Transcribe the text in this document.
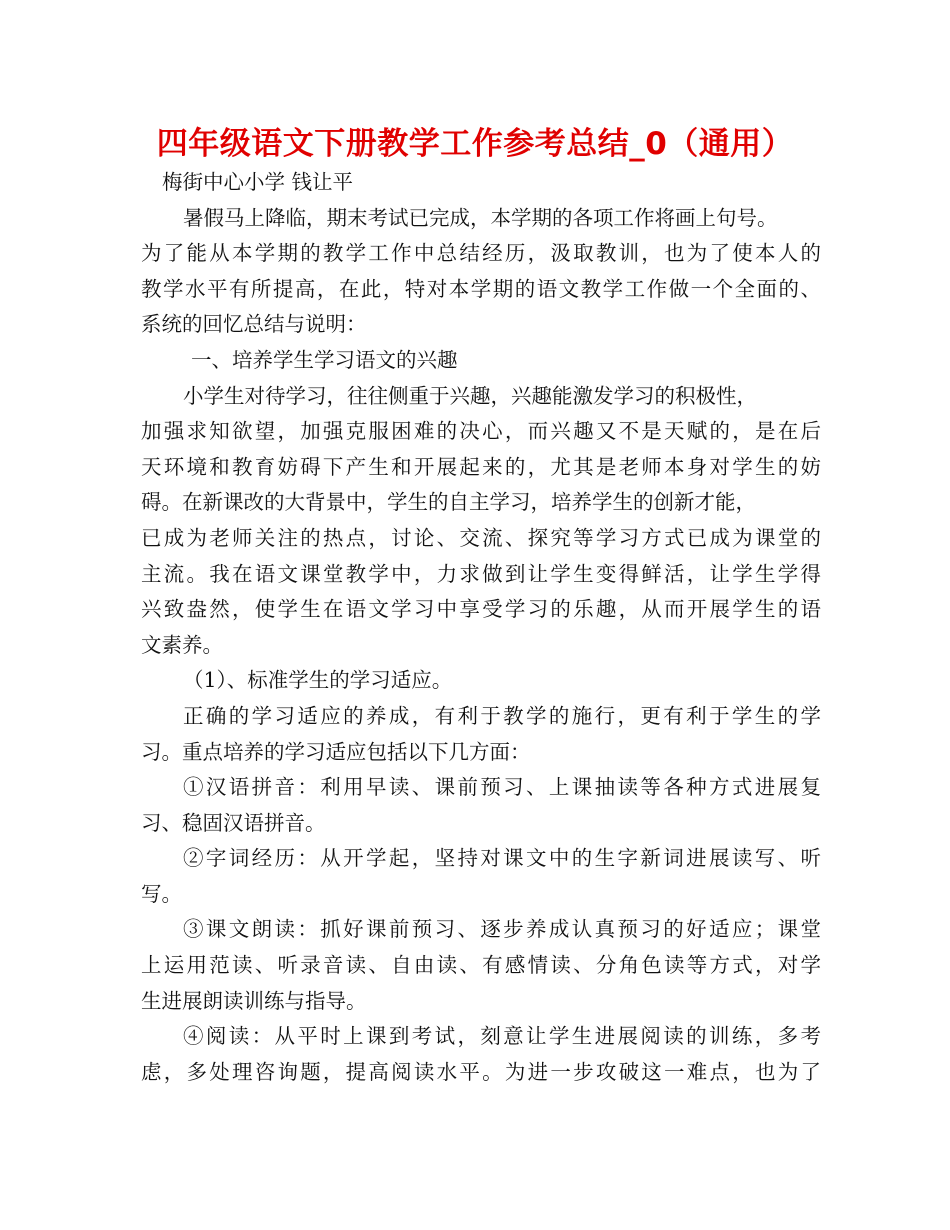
四年级语文下册教学工作参考总结_0（通用）
梅街中心小学 钱让平
暑假马上降临，期末考试已完成，本学期的各项工作将画上句号。
为了能从本学期的教学工作中总结经历，汲取教训，也为了使本人的
教学水平有所提高，在此，特对本学期的语文教学工作做一个全面的、
系统的回忆总结与说明：
一、培养学生学习语文的兴趣
小学生对待学习，往往侧重于兴趣，兴趣能激发学习的积极性，
加强求知欲望，加强克服困难的决心，而兴趣又不是天赋的，是在后
天环境和教育妨碍下产生和开展起来的，尤其是老师本身对学生的妨
碍。在新课改的大背景中，学生的自主学习，培养学生的创新才能，
已成为老师关注的热点，讨论、交流、探究等学习方式已成为课堂的
主流。我在语文课堂教学中，力求做到让学生变得鲜活，让学生学得
兴致盎然，使学生在语文学习中享受学习的乐趣，从而开展学生的语
文素养。
（1）、标准学生的学习适应。
正确的学习适应的养成，有利于教学的施行，更有利于学生的学
习。重点培养的学习适应包括以下几方面：
①汉语拼音：利用早读、课前预习、上课抽读等各种方式进展复
习、稳固汉语拼音。
②字词经历：从开学起，坚持对课文中的生字新词进展读写、听
写。
③课文朗读：抓好课前预习、逐步养成认真预习的好适应；课堂
上运用范读、听录音读、自由读、有感情读、分角色读等方式，对学
生进展朗读训练与指导。
④阅读：从平时上课到考试，刻意让学生进展阅读的训练，多考
虑，多处理咨询题，提高阅读水平。为进一步攻破这一难点，也为了
